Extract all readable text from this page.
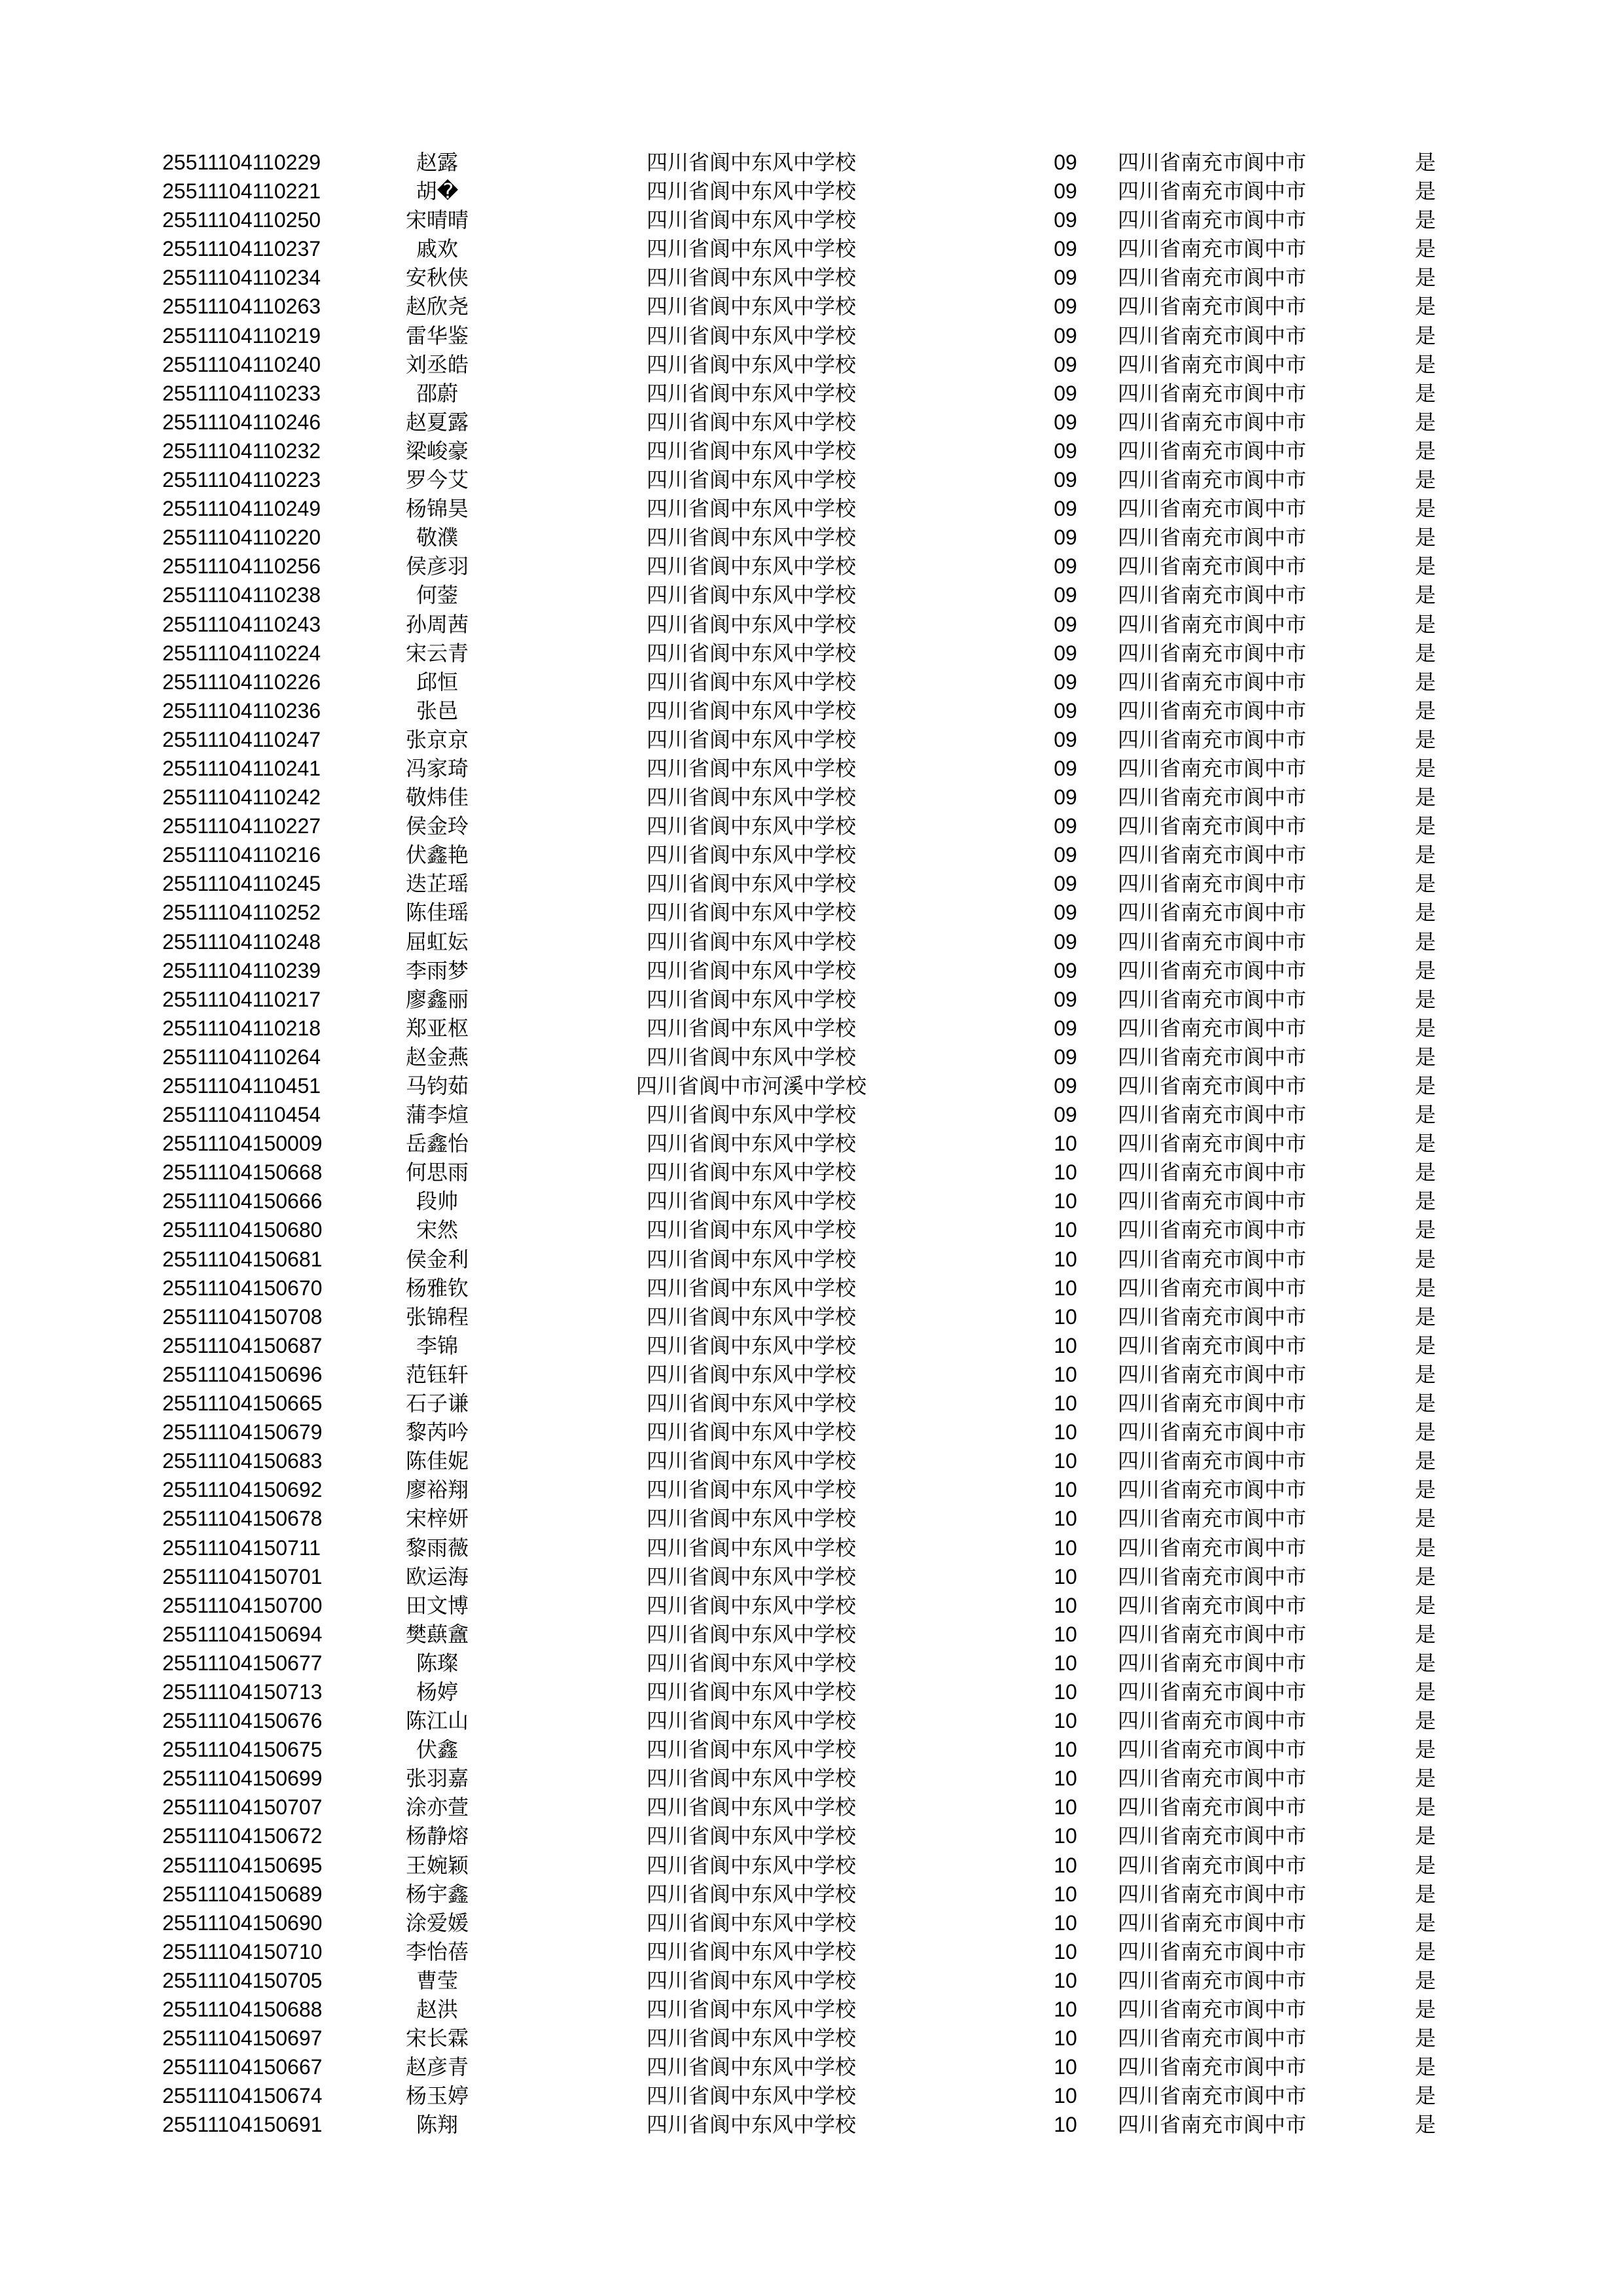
25511104110229	赵露	四川省阆中东风中学校	09	四川省南充市阆中市	是
25511104110221	胡�	四川省阆中东风中学校	09	四川省南充市阆中市	是
25511104110250	宋晴晴	四川省阆中东风中学校	09	四川省南充市阆中市	是
25511104110237	戚欢	四川省阆中东风中学校	09	四川省南充市阆中市	是
25511104110234	安秋侠	四川省阆中东风中学校	09	四川省南充市阆中市	是
25511104110263	赵欣尧	四川省阆中东风中学校	09	四川省南充市阆中市	是
25511104110219	雷华鉴	四川省阆中东风中学校	09	四川省南充市阆中市	是
25511104110240	刘丞皓	四川省阆中东风中学校	09	四川省南充市阆中市	是
25511104110233	邵蔚	四川省阆中东风中学校	09	四川省南充市阆中市	是
25511104110246	赵夏露	四川省阆中东风中学校	09	四川省南充市阆中市	是
25511104110232	梁峻豪	四川省阆中东风中学校	09	四川省南充市阆中市	是
25511104110223	罗今艾	四川省阆中东风中学校	09	四川省南充市阆中市	是
25511104110249	杨锦昊	四川省阆中东风中学校	09	四川省南充市阆中市	是
25511104110220	敬濮	四川省阆中东风中学校	09	四川省南充市阆中市	是
25511104110256	侯彦羽	四川省阆中东风中学校	09	四川省南充市阆中市	是
25511104110238	何蓥	四川省阆中东风中学校	09	四川省南充市阆中市	是
25511104110243	孙周茜	四川省阆中东风中学校	09	四川省南充市阆中市	是
25511104110224	宋云青	四川省阆中东风中学校	09	四川省南充市阆中市	是
25511104110226	邱恒	四川省阆中东风中学校	09	四川省南充市阆中市	是
25511104110236	张邑	四川省阆中东风中学校	09	四川省南充市阆中市	是
25511104110247	张京京	四川省阆中东风中学校	09	四川省南充市阆中市	是
25511104110241	冯家琦	四川省阆中东风中学校	09	四川省南充市阆中市	是
25511104110242	敬炜佳	四川省阆中东风中学校	09	四川省南充市阆中市	是
25511104110227	侯金玲	四川省阆中东风中学校	09	四川省南充市阆中市	是
25511104110216	伏鑫艳	四川省阆中东风中学校	09	四川省南充市阆中市	是
25511104110245	迭芷瑶	四川省阆中东风中学校	09	四川省南充市阆中市	是
25511104110252	陈佳瑶	四川省阆中东风中学校	09	四川省南充市阆中市	是
25511104110248	屈虹妘	四川省阆中东风中学校	09	四川省南充市阆中市	是
25511104110239	李雨梦	四川省阆中东风中学校	09	四川省南充市阆中市	是
25511104110217	廖鑫丽	四川省阆中东风中学校	09	四川省南充市阆中市	是
25511104110218	郑亚枢	四川省阆中东风中学校	09	四川省南充市阆中市	是
25511104110264	赵金燕	四川省阆中东风中学校	09	四川省南充市阆中市	是
25511104110451	马钧茹	四川省阆中市河溪中学校	09	四川省南充市阆中市	是
25511104110454	蒲李煊	四川省阆中东风中学校	09	四川省南充市阆中市	是
25511104150009	岳鑫怡	四川省阆中东风中学校	10	四川省南充市阆中市	是
25511104150668	何思雨	四川省阆中东风中学校	10	四川省南充市阆中市	是
25511104150666	段帅	四川省阆中东风中学校	10	四川省南充市阆中市	是
25511104150680	宋然	四川省阆中东风中学校	10	四川省南充市阆中市	是
25511104150681	侯金利	四川省阆中东风中学校	10	四川省南充市阆中市	是
25511104150670	杨雅钦	四川省阆中东风中学校	10	四川省南充市阆中市	是
25511104150708	张锦程	四川省阆中东风中学校	10	四川省南充市阆中市	是
25511104150687	李锦	四川省阆中东风中学校	10	四川省南充市阆中市	是
25511104150696	范钰轩	四川省阆中东风中学校	10	四川省南充市阆中市	是
25511104150665	石子谦	四川省阆中东风中学校	10	四川省南充市阆中市	是
25511104150679	黎芮吟	四川省阆中东风中学校	10	四川省南充市阆中市	是
25511104150683	陈佳妮	四川省阆中东风中学校	10	四川省南充市阆中市	是
25511104150692	廖裕翔	四川省阆中东风中学校	10	四川省南充市阆中市	是
25511104150678	宋梓妍	四川省阆中东风中学校	10	四川省南充市阆中市	是
25511104150711	黎雨薇	四川省阆中东风中学校	10	四川省南充市阆中市	是
25511104150701	欧运海	四川省阆中东风中学校	10	四川省南充市阆中市	是
25511104150700	田文博	四川省阆中东风中学校	10	四川省南充市阆中市	是
25511104150694	樊蕻盦	四川省阆中东风中学校	10	四川省南充市阆中市	是
25511104150677	陈璨	四川省阆中东风中学校	10	四川省南充市阆中市	是
25511104150713	杨婷	四川省阆中东风中学校	10	四川省南充市阆中市	是
25511104150676	陈江山	四川省阆中东风中学校	10	四川省南充市阆中市	是
25511104150675	伏鑫	四川省阆中东风中学校	10	四川省南充市阆中市	是
25511104150699	张羽嘉	四川省阆中东风中学校	10	四川省南充市阆中市	是
25511104150707	涂亦萱	四川省阆中东风中学校	10	四川省南充市阆中市	是
25511104150672	杨静熔	四川省阆中东风中学校	10	四川省南充市阆中市	是
25511104150695	王婉颖	四川省阆中东风中学校	10	四川省南充市阆中市	是
25511104150689	杨宇鑫	四川省阆中东风中学校	10	四川省南充市阆中市	是
25511104150690	涂爱媛	四川省阆中东风中学校	10	四川省南充市阆中市	是
25511104150710	李怡蓓	四川省阆中东风中学校	10	四川省南充市阆中市	是
25511104150705	曹莹	四川省阆中东风中学校	10	四川省南充市阆中市	是
25511104150688	赵洪	四川省阆中东风中学校	10	四川省南充市阆中市	是
25511104150697	宋长霖	四川省阆中东风中学校	10	四川省南充市阆中市	是
25511104150667	赵彦青	四川省阆中东风中学校	10	四川省南充市阆中市	是
25511104150674	杨玉婷	四川省阆中东风中学校	10	四川省南充市阆中市	是
25511104150691	陈翔	四川省阆中东风中学校	10	四川省南充市阆中市	是
